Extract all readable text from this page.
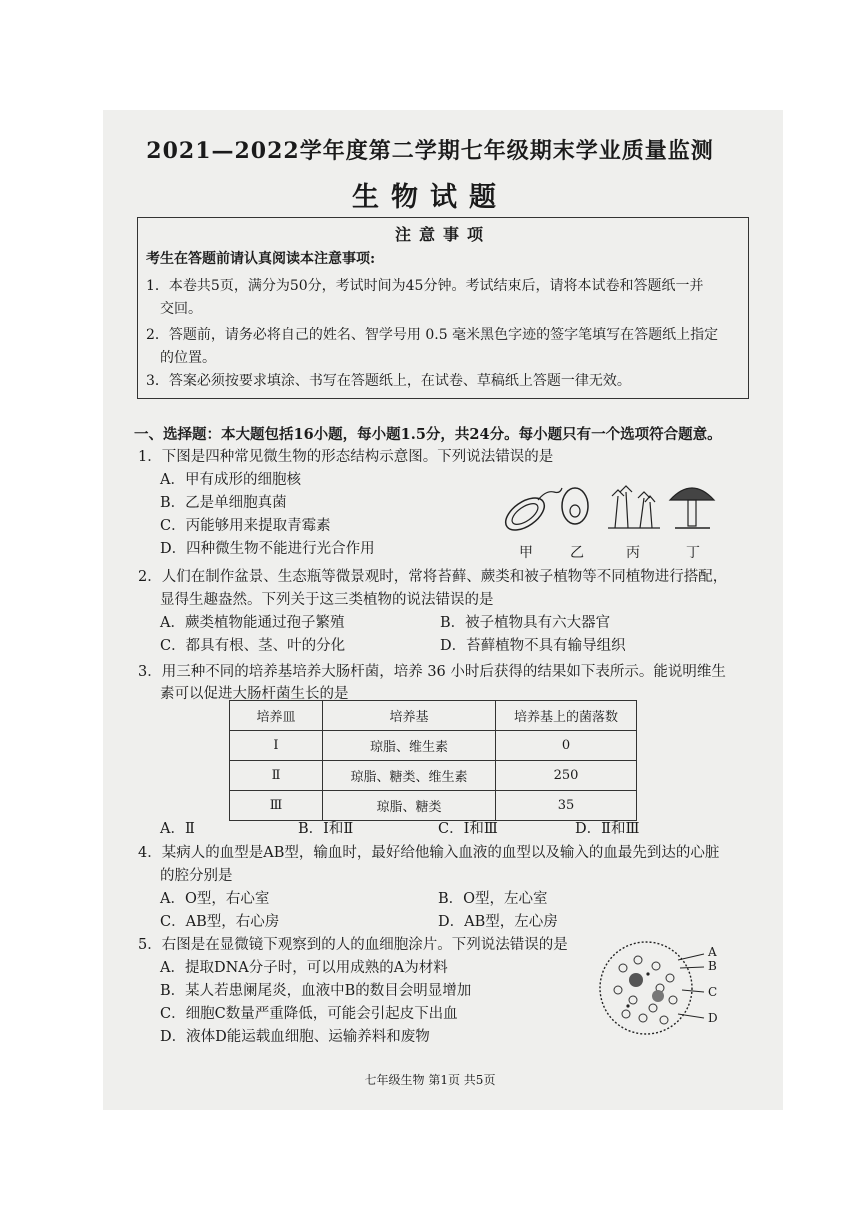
2021—2022学年度第二学期七年级期末学业质量监测
生物试题
注意事项
考生在答题前请认真阅读本注意事项:
1．本卷共5页，满分为50分，考试时间为45分钟。考试结束后，请将本试卷和答题纸一并
交回。
2．答题前，请务必将自己的姓名、智学号用 0.5 毫米黑色字迹的签字笔填写在答题纸上指定
的位置。
3．答案必须按要求填涂、书写在答题纸上，在试卷、草稿纸上答题一律无效。
一、选择题：本大题包括16小题，每小题1.5分，共24分。每小题只有一个选项符合题意。
1．下图是四种常见微生物的形态结构示意图。下列说法错误的是
A．甲有成形的细胞核
B．乙是单细胞真菌
C．丙能够用来提取青霉素
D．四种微生物不能进行光合作用	甲	乙	丙	丁
2．人们在制作盆景、生态瓶等微景观时，常将苔藓、蕨类和被子植物等不同植物进行搭配，
显得生趣盎然。下列关于这三类植物的说法错误的是
A．蕨类植物能通过孢子繁殖	B．被子植物具有六大器官
C．都具有根、茎、叶的分化	D．苔藓植物不具有输导组织
3．用三种不同的培养基培养大肠杆菌，培养 36 小时后获得的结果如下表所示。能说明维生
素可以促进大肠杆菌生长的是
培养皿	培养基	培养基上的菌落数
Ⅰ	琼脂、维生素	0
Ⅱ	琼脂、糖类、维生素	250
Ⅲ	琼脂、糖类	35
A．Ⅱ	B．Ⅰ和Ⅱ	C．Ⅰ和Ⅲ	D．Ⅱ和Ⅲ
4．某病人的血型是AB型，输血时，最好给他输入血液的血型以及输入的血最先到达的心脏
的腔分别是
A．O型，右心室	B．O型，左心室
C．AB型，右心房	D．AB型，左心房
5．右图是在显微镜下观察到的人的血细胞涂片。下列说法错误的是
A．提取DNA分子时，可以用成熟的A为材料
B．某人若患阑尾炎，血液中B的数目会明显增加
C．细胞C数量严重降低，可能会引起皮下出血
D．液体D能运载血细胞、运输养料和废物
A
B
C
D
七年级生物 第1页 共5页
